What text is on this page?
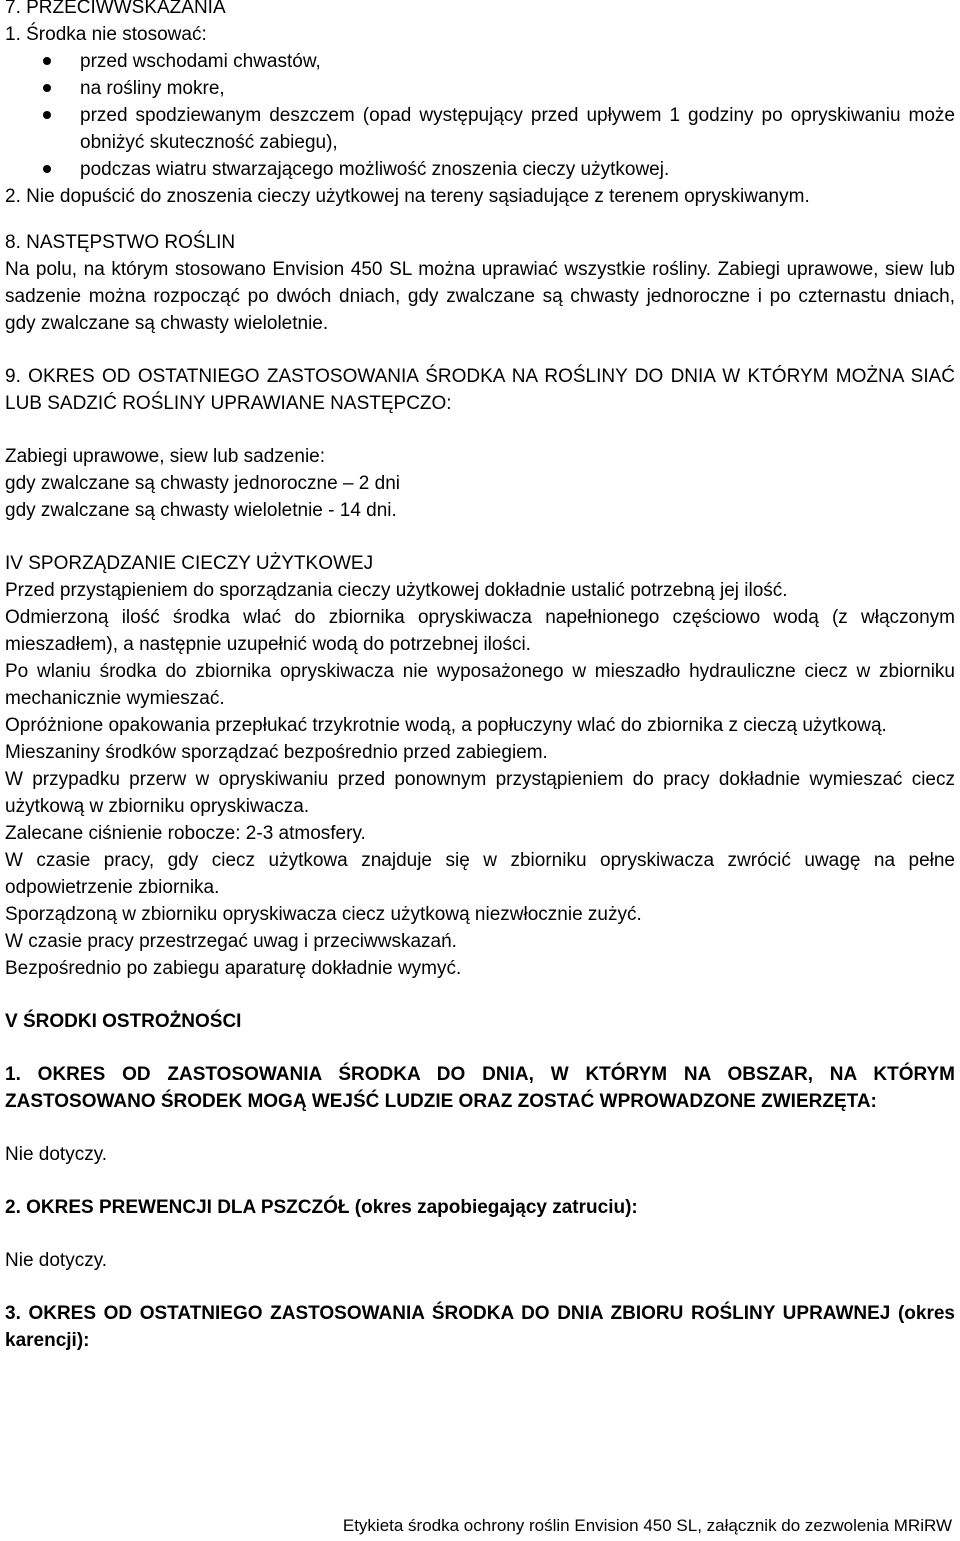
7. PRZECIWWSKAZANIA

1. Środka nie stosować:

przed wschodami chwastów,
na rośliny mokre,
przed spodziewanym deszczem (opad występujący przed upływem 1 godziny po opryskiwaniu może obniżyć skuteczność zabiegu),
podczas wiatru stwarzającego możliwość znoszenia cieczy użytkowej.

2. Nie dopuścić do znoszenia cieczy użytkowej na tereny sąsiadujące z terenem opryskiwanym.

8. NASTĘPSTWO ROŚLIN

Na polu, na którym stosowano Envision 450 SL można uprawiać wszystkie rośliny. Zabiegi uprawowe, siew lub sadzenie można rozpocząć po dwóch dniach, gdy zwalczane są chwasty jednoroczne i po czternastu dniach, gdy zwalczane są chwasty wieloletnie.

9. OKRES OD OSTATNIEGO ZASTOSOWANIA ŚRODKA NA ROŚLINY DO DNIA W KTÓRYM MOŻNA SIAĆ LUB SADZIĆ ROŚLINY UPRAWIANE NASTĘPCZO:

Zabiegi uprawowe, siew lub sadzenie:

gdy zwalczane są chwasty jednoroczne – 2 dni

gdy zwalczane są chwasty wieloletnie - 14 dni.

IV SPORZĄDZANIE CIECZY UŻYTKOWEJ

Przed przystąpieniem do sporządzania cieczy użytkowej dokładnie ustalić potrzebną jej ilość.

Odmierzoną ilość środka wlać do zbiornika opryskiwacza napełnionego częściowo wodą (z włączonym mieszadłem), a następnie uzupełnić wodą do potrzebnej ilości.

Po wlaniu środka do zbiornika opryskiwacza nie wyposażonego w mieszadło hydrauliczne ciecz w zbiorniku mechanicznie wymieszać.

Opróżnione opakowania przepłukać trzykrotnie wodą, a popłuczyny wlać do zbiornika z cieczą użytkową.

Mieszaniny środków sporządzać bezpośrednio przed zabiegiem.

W przypadku przerw w opryskiwaniu przed ponownym przystąpieniem do pracy dokładnie wymieszać ciecz użytkową w zbiorniku opryskiwacza.

Zalecane ciśnienie robocze: 2-3 atmosfery.

W czasie pracy, gdy ciecz użytkowa znajduje się w zbiorniku opryskiwacza zwrócić uwagę na pełne odpowietrzenie zbiornika.

Sporządzoną w zbiorniku opryskiwacza ciecz użytkową niezwłocznie zużyć.

W czasie pracy przestrzegać uwag i przeciwwskazań.

Bezpośrednio po zabiegu aparaturę dokładnie wymyć.

V ŚRODKI OSTROŻNOŚCI

1. OKRES OD ZASTOSOWANIA ŚRODKA DO DNIA, W KTÓRYM NA OBSZAR, NA KTÓRYM ZASTOSOWANO ŚRODEK MOGĄ WEJŚĆ LUDZIE ORAZ ZOSTAĆ WPROWADZONE ZWIERZĘTA:

Nie dotyczy.

2. OKRES PREWENCJI DLA PSZCZÓŁ (okres zapobiegający zatruciu):

Nie dotyczy.

3. OKRES OD OSTATNIEGO ZASTOSOWANIA ŚRODKA DO DNIA ZBIORU ROŚLINY UPRAWNEJ (okres karencji):

Etykieta środka ochrony roślin Envision 450 SL, załącznik do zezwolenia MRiRW
